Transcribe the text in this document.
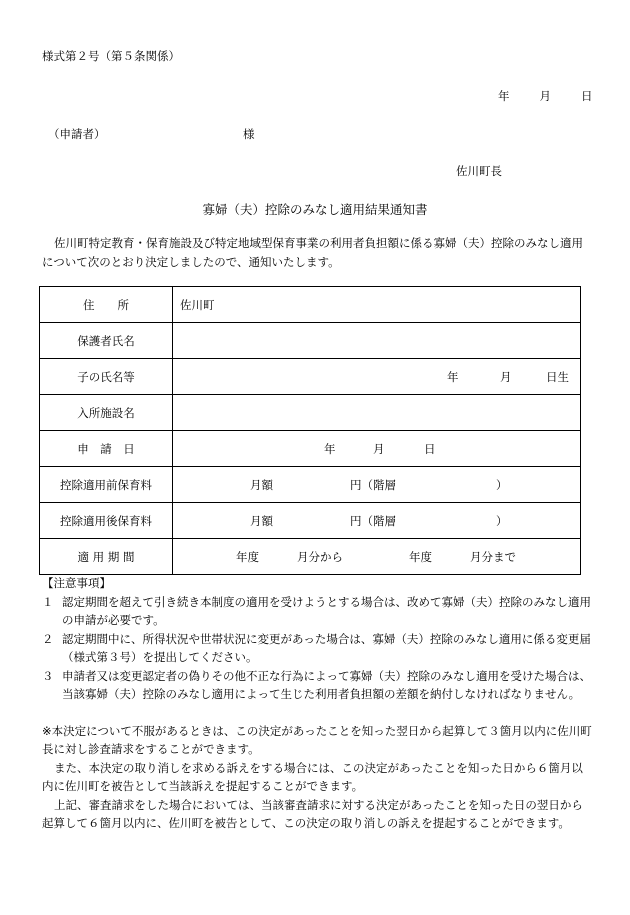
様式第２号（第５条関係）
年	月	日
（申請者）	様
佐川町長
寡婦（夫）控除のみなし適用結果通知書
佐川町特定教育・保育施設及び特定地域型保育事業の利用者負担額に係る寡婦（夫）控除のみなし適用について次のとおり決定しましたので、通知いたします。
住　　所	佐川町

保護者氏名	
子の氏名等	年 月 日生

入所施設名	
申　請　日	年 月 日

控除適用前保育料	月額 円（階層 ）

控除適用後保育料	月額 円（階層 ）

適 用 期 間	年度 月分から 年度 月分まで

【注意事項】

１ 認定期間を超えて引き続き本制度の適用を受けようとする場合は、改めて寡婦（夫）控除のみなし適用の申請が必要です。
２ 認定期間中に、所得状況や世帯状況に変更があった場合は、寡婦（夫）控除のみなし適用に係る変更届（様式第３号）を提出してください。
３ 申請者又は変更認定者の偽りその他不正な行為によって寡婦（夫）控除のみなし適用を受けた場合は、当該寡婦（夫）控除のみなし適用によって生じた利用者負担額の差額を納付しなければなりません。

※本決定について不服があるときは、この決定があったことを知った翌日から起算して３箇月以内に佐川町長に対し診査請求をすることができます。

また、本決定の取り消しを求める訴えをする場合には、この決定があったことを知った日から６箇月以内に佐川町を被告として当該訴えを提起することができます。

上記、審査請求をした場合においては、当該審査請求に対する決定があったことを知った日の翌日から起算して６箇月以内に、佐川町を被告として、この決定の取り消しの訴えを提起することができます。
